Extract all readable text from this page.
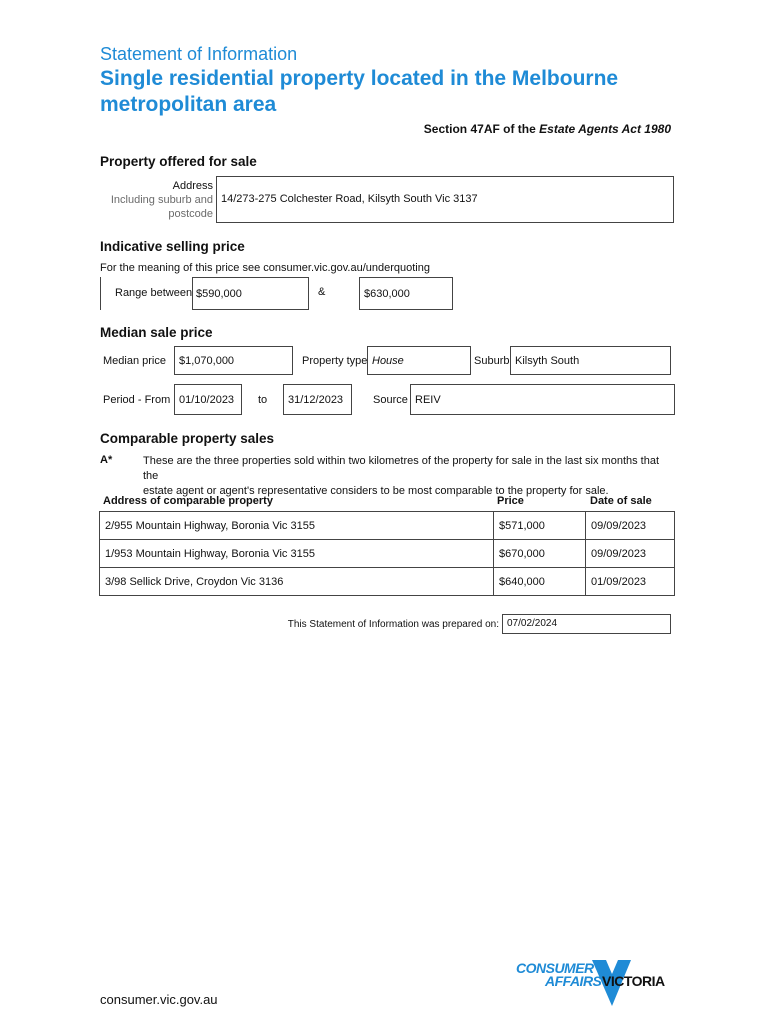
Statement of Information
Single residential property located in the Melbourne
metropolitan area
Section 47AF of the Estate Agents Act 1980
Property offered for sale
Address
Including suburb and
postcode
14/273-275 Colchester Road, Kilsyth South Vic 3137
Indicative selling price
For the meaning of this price see consumer.vic.gov.au/underquoting
Range between $590,000	&	$630,000
Median sale price
Median price $1,070,000	Property type House	Suburb Kilsyth South
Period - From 01/10/2023 to 31/12/2023	Source REIV
Comparable property sales
A*	These are the three properties sold within two kilometres of the property for sale in the last six months that the
estate agent or agent's representative considers to be most comparable to the property for sale.
Address of comparable property	Price	Date of sale
2/955 Mountain Highway, Boronia Vic 3155	$571,000	09/09/2023
1/953 Mountain Highway, Boronia Vic 3155	$670,000	09/09/2023
3/98 Sellick Drive, Croydon Vic 3136	$640,000	01/09/2023
This Statement of Information was prepared on: 07/02/2024
consumer.vic.gov.au
CONSUMER
AFFAIRS VICTORIA
